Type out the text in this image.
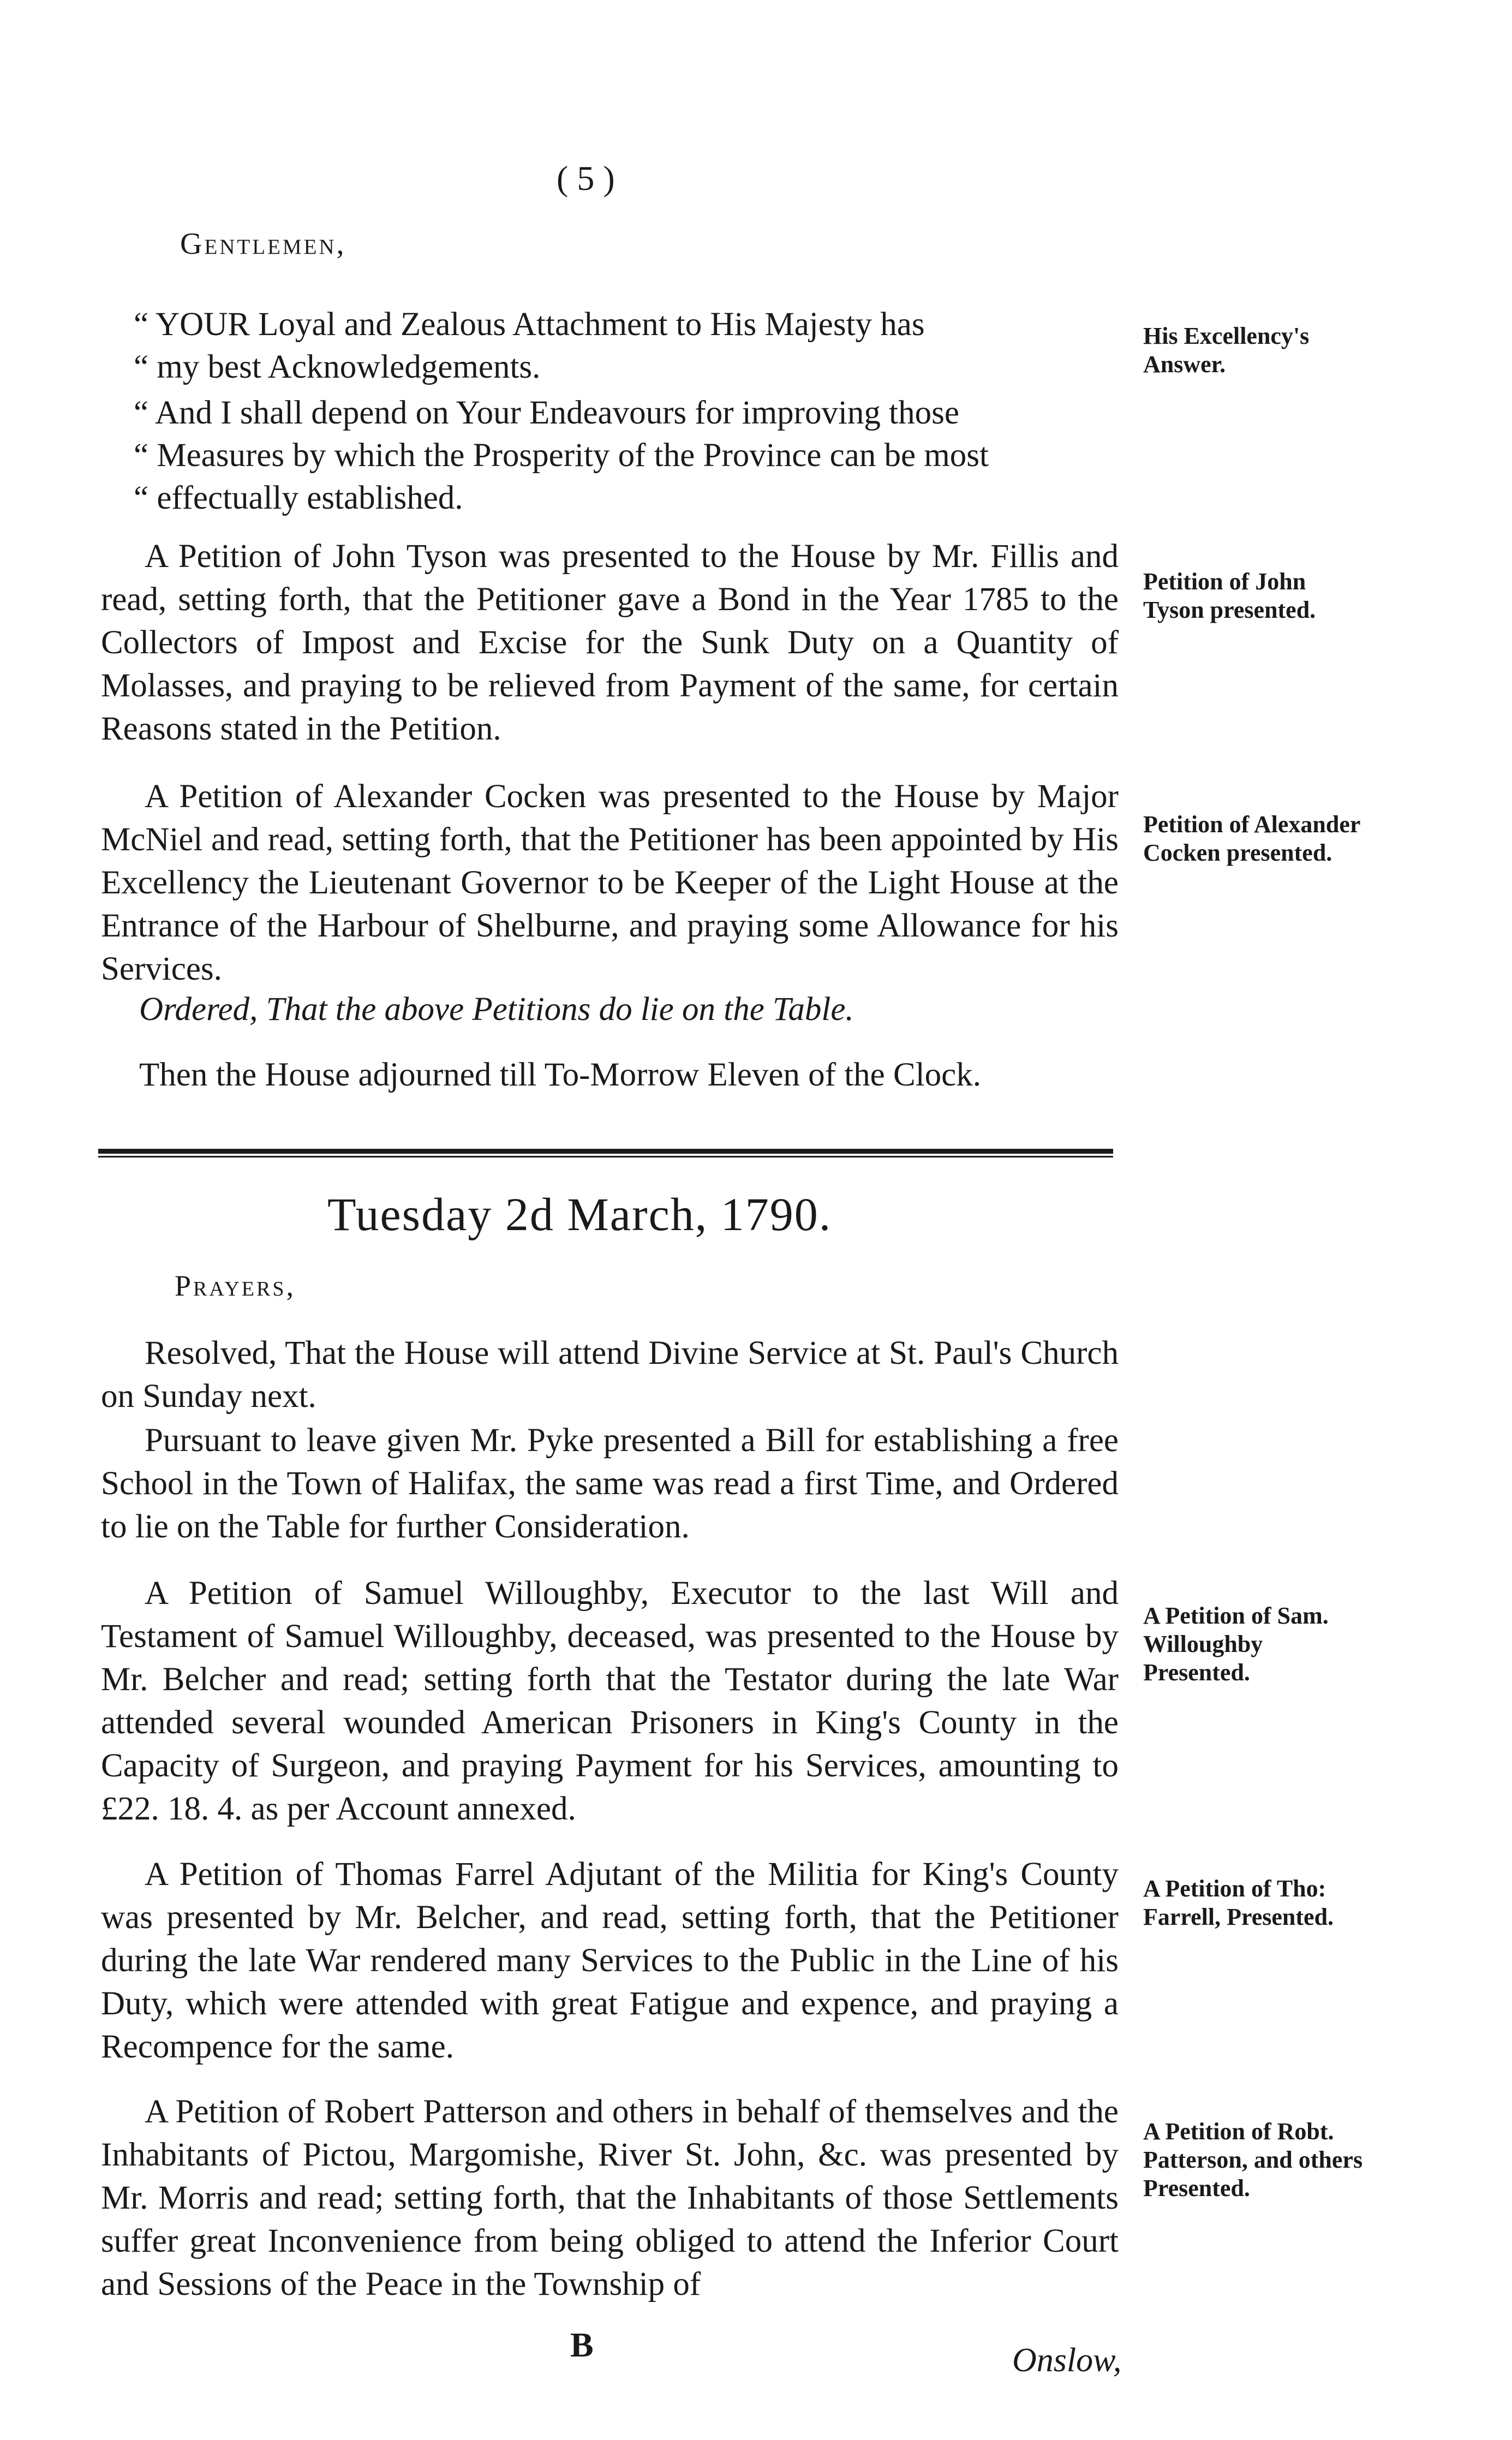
( 5 )
Gentlemen,
“ YOUR Loyal and Zealous Attachment to His Majesty has
“ my best Acknowledgements.
“ And I shall depend on Your Endeavours for improving those
“ Measures by which the Prosperity of the Province can be most
“ effectually established.
His Excellency's Answer.

A Petition of John Tyson was presented to the House by Mr. Fillis and read, setting forth, that the Petitioner gave a Bond in the Year 1785 to the Collectors of Impost and Excise for the Sunk Duty on a Quantity of Molasses, and praying to be relieved from Payment of the same, for certain Reasons stated in the Petition.

Petition of John Tyson presented.

A Petition of Alexander Cocken was presented to the House by Major McNiel and read, setting forth, that the Petitioner has been appointed by His Excellency the Lieutenant Governor to be Keeper of the Light House at the Entrance of the Harbour of Shelburne, and praying some Allowance for his Services.

Petition of Alexander Cocken presented.
Ordered, That the above Petitions do lie on the Table.
Then the House adjourned till To-Morrow Eleven of the Clock.
Tuesday 2d March, 1790.
Prayers,

Resolved, That the House will attend Divine Service at St. Paul's Church on Sunday next.

Pursuant to leave given Mr. Pyke presented a Bill for establishing a free School in the Town of Halifax, the same was read a first Time, and Ordered to lie on the Table for further Consideration.

A Petition of Samuel Willoughby, Executor to the last Will and Testament of Samuel Willoughby, deceased, was presented to the House by Mr. Belcher and read; setting forth that the Testator during the late War attended several wounded American Prisoners in King's County in the Capacity of Surgeon, and praying Payment for his Services, amounting to £22. 18. 4. as per Account annexed.

A Petition of Sam. Willoughby Presented.

A Petition of Thomas Farrel Adjutant of the Militia for King's County was presented by Mr. Belcher, and read, setting forth, that the Petitioner during the late War rendered many Services to the Public in the Line of his Duty, which were attended with great Fatigue and expence, and praying a Recompence for the same.

A Petition of Tho: Farrell, Presented.

A Petition of Robert Patterson and others in behalf of themselves and the Inhabitants of Pictou, Margomishe, River St. John, &c. was presented by Mr. Morris and read; setting forth, that the Inhabitants of those Settlements suffer great Inconvenience from being obliged to attend the Inferior Court and Sessions of the Peace in the Township of

A Petition of Robt. Patterson, and others Presented.
B	Onslow,
